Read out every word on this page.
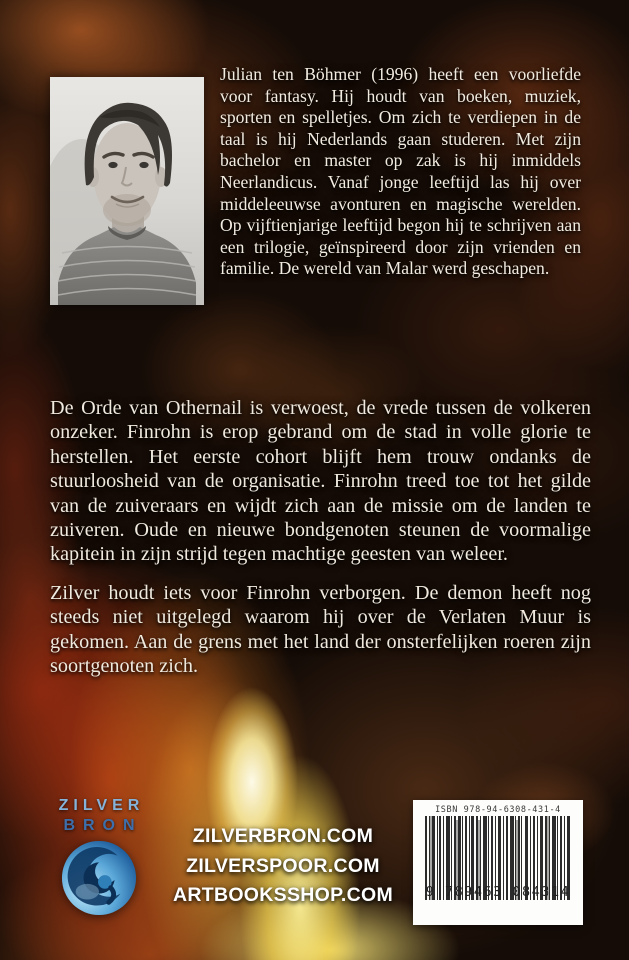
Julian ten Böhmer (1996) heeft een voorliefde voor fantasy. Hij houdt van boeken, muziek, sporten en spelletjes. Om zich te verdiepen in de taal is hij Nederlands gaan studeren. Met zijn bachelor en master op zak is hij inmiddels Neerlandicus. Vanaf jonge leeftijd las hij over middeleeuwse avonturen en magische werelden. Op vijftienjarige leeftijd begon hij te schrijven aan een trilogie, geïnspireerd door zijn vrienden en familie. De wereld van Malar werd geschapen.

De Orde van Othernail is verwoest, de vrede tussen de volkeren onzeker. Finrohn is erop gebrand om de stad in volle glorie te herstellen. Het eerste cohort blijft hem trouw ondanks de stuurloosheid van de organisatie. Finrohn treed toe tot het gilde van de zuiveraars en wijdt zich aan de missie om de landen te zuiveren. Oude en nieuwe bondgenoten steunen de voormalige kapitein in zijn strijd tegen machtige geesten van weleer.

Zilver houdt iets voor Finrohn verborgen. De demon heeft nog steeds niet uitgelegd waarom hij over de Verlaten Muur is gekomen. Aan de grens met het land der onsterfelijken roeren zijn soortgenoten zich.

ZILVER
BRON	ZILVERBRON.COM
ZILVERSPOOR.COM
ARTBOOKSSHOP.COM
ISBN 978-94-6308-431-4
9 789463 084314
